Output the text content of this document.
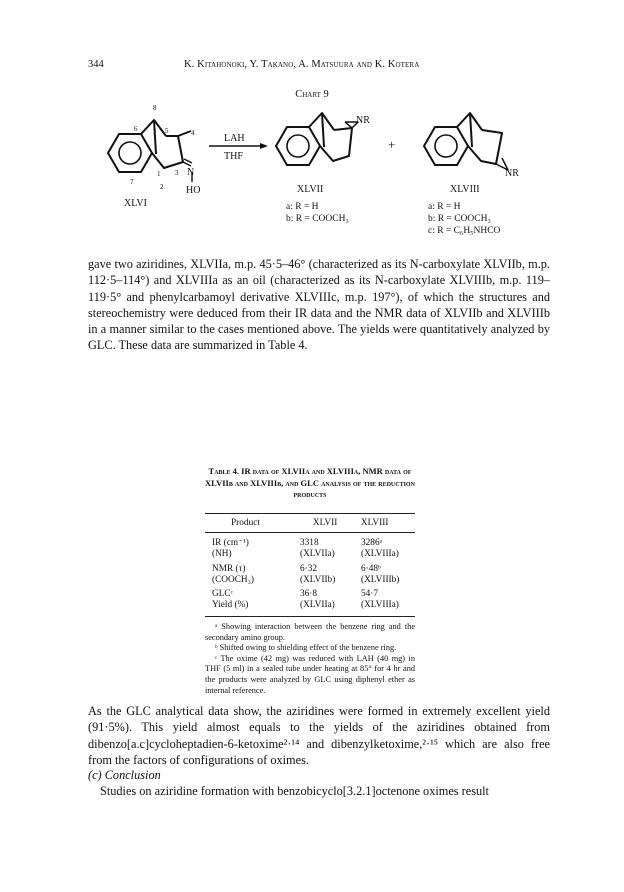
344	K. Kitahonoki, Y. Takano, A. Matsuura and K. Kotera
Chart 9
8
5	4
6
7
1
2
3 N
HO
XLVI
LAH
THF
NR
+
XLVII
a: R = H
b: R = COOCH₃
NR
XLVIII
a: R = H
b: R = COOCH₃
c: R = C₆H₅NHCO
gave two aziridines, XLVIIa, m.p. 45·5–46° (characterized as its N-carboxylate XLVIIb, m.p. 112·5–114°) and XLVIIIa as an oil (characterized as its N-carboxylate XLVIIIb, m.p. 119–119·5° and phenylcarbamoyl derivative XLVIIIc, m.p. 197°), of which the structures and stereochemistry were deduced from their IR data and the NMR data of XLVIIb and XLVIIIb in a manner similar to the cases mentioned above. The yields were quantitatively analyzed by GLC. These data are summarized in Table 4.
Table 4. IR data of XLVIIa and XLVIIIa, NMR data of XLVIIb and XLVIIIb, and GLC analysis of the reduction products
Product	XLVII	XLVIII
IR (cm⁻¹)	3318	3286ᵃ
(NH)	(XLVIIa)	(XLVIIIa)
NMR (τ)	6·32	6·48ᵇ
(COOCH₃)	(XLVIIb)	(XLVIIIb)
GLCᶜ	36·8	54·7
Yield (%)	(XLVIIa)	(XLVIIIa)

ᵃ Showing interaction between the benzene ring and the secondary amino group.

ᵇ Shifted owing to shielding effect of the benzene ring.

ᶜ The oxime (42 mg) was reduced with LAH (40 mg) in THF (5 ml) in a sealed tube under heating at 85° for 4 hr and the products were analyzed by GLC using diphenyl ether as internal reference.

As the GLC analytical data show, the aziridines were formed in extremely excellent yield (91·5%). This yield almost equals to the yields of the aziridines obtained from dibenzo[a.c]cycloheptadien-6-ketoxime²·¹⁴ and dibenzylketoxime,²·¹⁵ which are also free from the factors of configurations of oximes.
(c) Conclusion
Studies on aziridine formation with benzobicyclo[3.2.1]octenone oximes result
